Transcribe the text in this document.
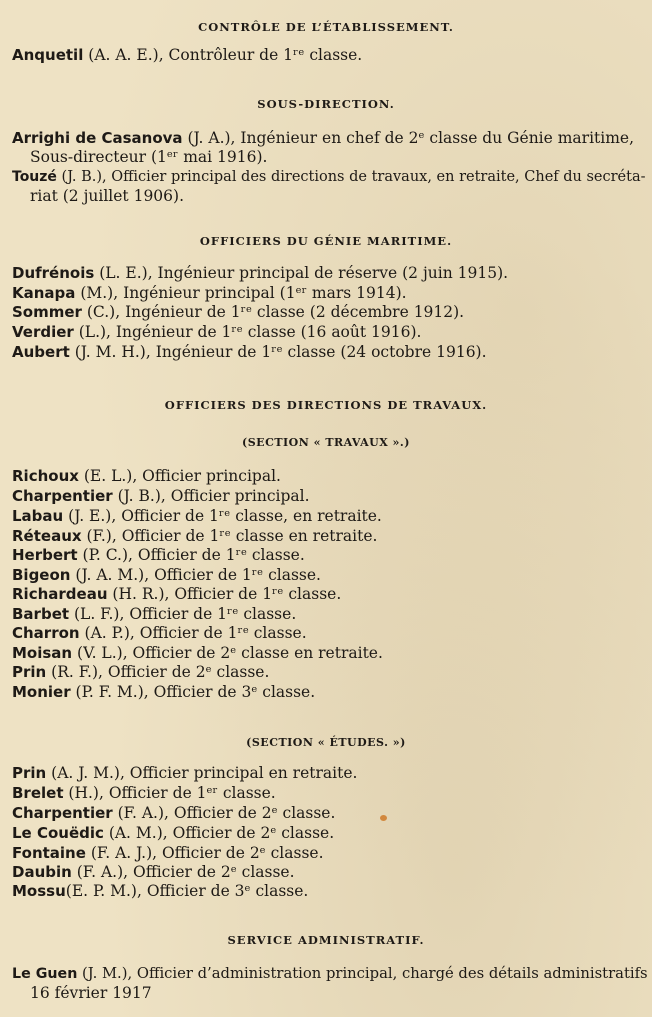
CONTRÔLE DE L’ÉTABLISSEMENT.
Anquetil (A. A. E.), Contrôleur de 1ʳᵉ classe.
SOUS-DIRECTION.
Arrighi de Casanova (J. A.), Ingénieur en chef de 2ᵉ classe du Génie maritime,
Sous-directeur (1ᵉʳ mai 1916).
Touzé (J. B.), Officier principal des directions de travaux, en retraite, Chef du secréta-
riat (2 juillet 1906).
OFFICIERS DU GÉNIE MARITIME.
Dufrénois (L. E.), Ingénieur principal de réserve (2 juin 1915).
Kanapa (M.), Ingénieur principal (1ᵉʳ mars 1914).
Sommer (C.), Ingénieur de 1ʳᵉ classe (2 décembre 1912).
Verdier (L.), Ingénieur de 1ʳᵉ classe (16 août 1916).
Aubert (J. M. H.), Ingénieur de 1ʳᵉ classe (24 octobre 1916).
OFFICIERS DES DIRECTIONS DE TRAVAUX.
(SECTION « TRAVAUX ».)
Richoux (E. L.), Officier principal.
Charpentier (J. B.), Officier principal.
Labau (J. E.), Officier de 1ʳᵉ classe, en retraite.
Réteaux (F.), Officier de 1ʳᵉ classe en retraite.
Herbert (P. C.), Officier de 1ʳᵉ classe.
Bigeon (J. A. M.), Officier de 1ʳᵉ classe.
Richardeau (H. R.), Officier de 1ʳᵉ classe.
Barbet (L. F.), Officier de 1ʳᵉ classe.
Charron (A. P.), Officier de 1ʳᵉ classe.
Moisan (V. L.), Officier de 2ᵉ classe en retraite.
Prin (R. F.), Officier de 2ᵉ classe.
Monier (P. F. M.), Officier de 3ᵉ classe.
(SECTION « ÉTUDES. »)
Prin (A. J. M.), Officier principal en retraite.
Brelet (H.), Officier de 1ᵉʳ classe.
Charpentier (F. A.), Officier de 2ᵉ classe.
Le Couëdic (A. M.), Officier de 2ᵉ classe.
Fontaine (F. A. J.), Officier de 2ᵉ classe.
Daubin (F. A.), Officier de 2ᵉ classe.
Mossu(E. P. M.), Officier de 3ᵉ classe.
SERVICE ADMINISTRATIF.
Le Guen (J. M.), Officier d’administration principal, chargé des détails administratifs
16 février 1917
